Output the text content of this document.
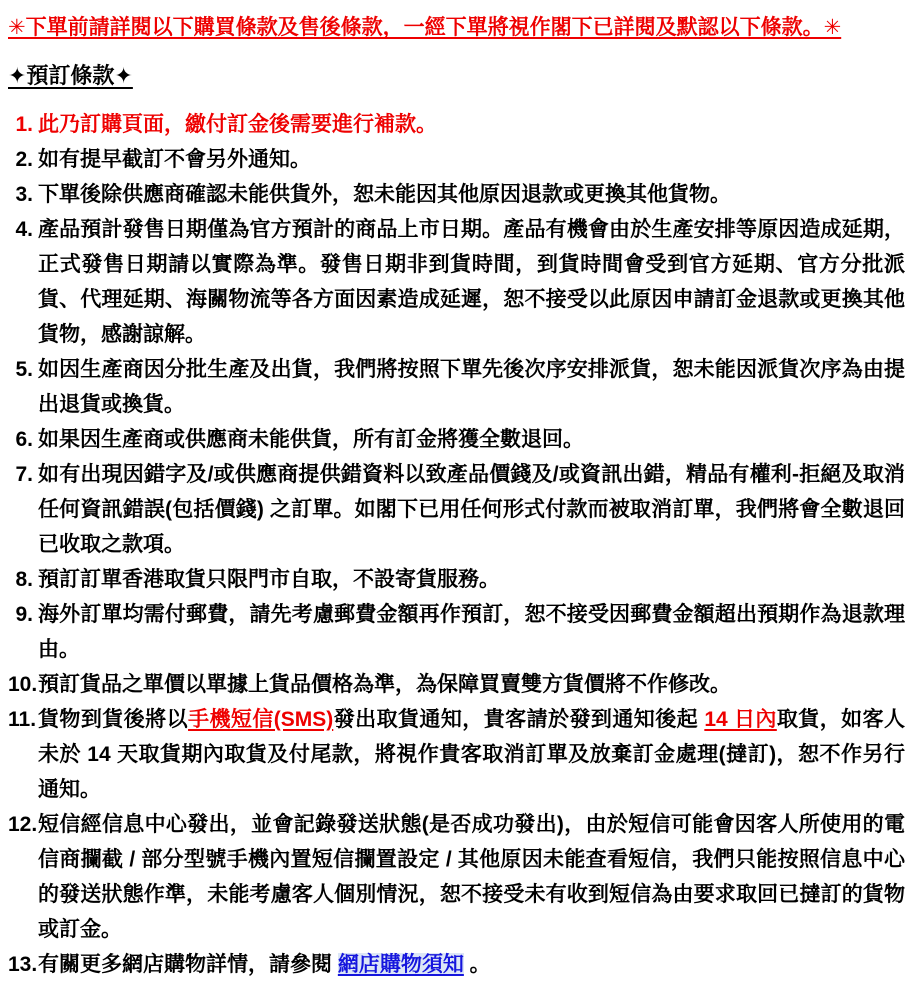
✳下單前請詳閱以下購買條款及售後條款，一經下單將視作閣下已詳閱及默認以下條款。✳

✦預訂條款✦
1. 此乃訂購頁面，繳付訂金後需要進行補款。
2. 如有提早截訂不會另外通知。
3. 下單後除供應商確認未能供貨外，恕未能因其他原因退款或更換其他貨物。
4. 產品預計發售日期僅為官方預計的商品上市日期。產品有機會由於生產安排等原因造成延期，正式發售日期請以實際為準。發售日期非到貨時間，到貨時間會受到官方延期、官方分批派貨、代理延期、海關物流等各方面因素造成延遲，恕不接受以此原因申請訂金退款或更換其他貨物，感謝諒解。
5. 如因生產商因分批生產及出貨，我們將按照下單先後次序安排派貨，恕未能因派貨次序為由提出退貨或換貨。
6. 如果因生產商或供應商未能供貨，所有訂金將獲全數退回。
7. 如有出現因錯字及/或供應商提供錯資料以致產品價錢及/或資訊出錯，精品有權利-拒絕及取消任何資訊錯誤(包括價錢) 之訂單。如閣下已用任何形式付款而被取消訂單，我們將會全數退回已收取之款項。
8. 預訂訂單香港取貨只限門市自取，不設寄貨服務。
9. 海外訂單均需付郵費，請先考慮郵費金額再作預訂，恕不接受因郵費金額超出預期作為退款理由。
10. 預訂貨品之單價以單據上貨品價格為準，為保障買賣雙方貨價將不作修改。
11. 貨物到貨後將以手機短信(SMS)發出取貨通知，貴客請於發到通知後起 14 日內取貨，如客人未於 14 天取貨期內取貨及付尾款，將視作貴客取消訂單及放棄訂金處理(撻訂)，恕不作另行通知。
12. 短信經信息中心發出，並會記錄發送狀態(是否成功發出)，由於短信可能會因客人所使用的電信商攔截 / 部分型號手機內置短信攔置設定 / 其他原因未能查看短信，我們只能按照信息中心的發送狀態作準，未能考慮客人個別情況，恕不接受未有收到短信為由要求取回已撻訂的貨物或訂金。
13. 有關更多網店購物詳情，請參閱 網店購物須知 。
